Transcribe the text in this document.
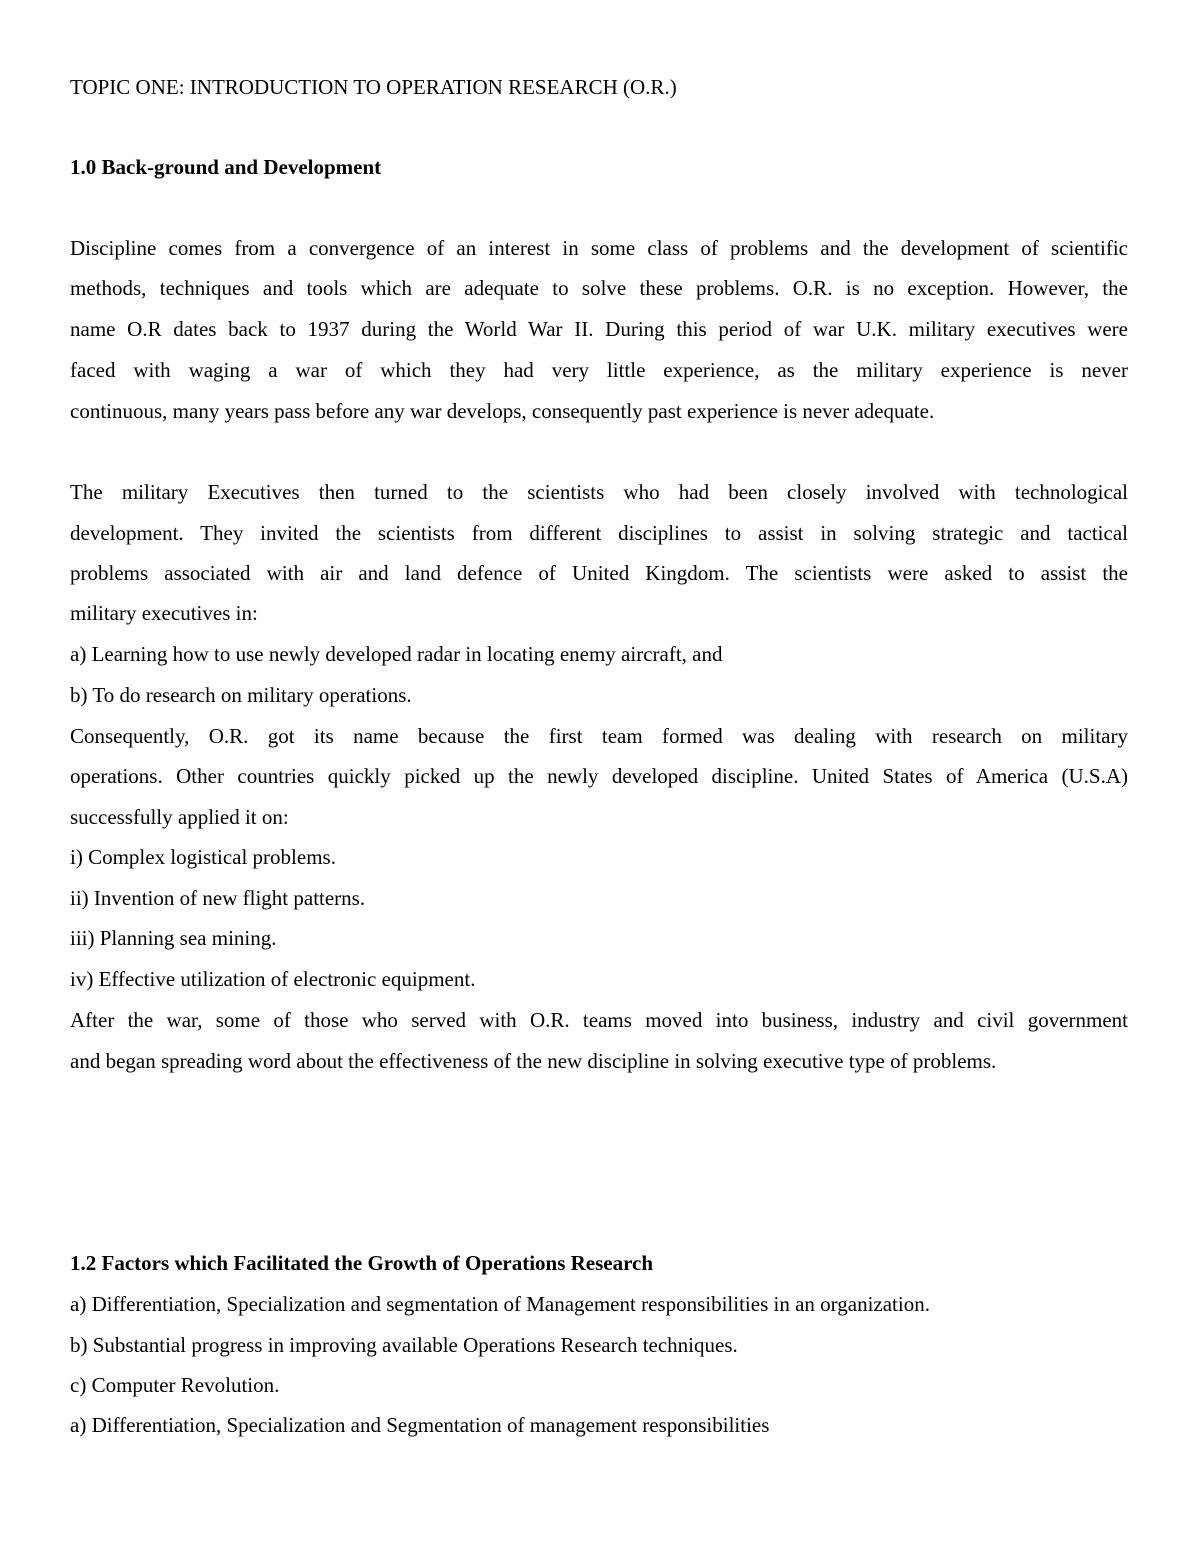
TOPIC ONE: INTRODUCTION TO OPERATION RESEARCH (O.R.)
1.0 Back-ground and Development
Discipline comes from a convergence of an interest in some class of problems and the development of scientific
methods, techniques and tools which are adequate to solve these problems. O.R. is no exception. However, the
name O.R dates back to 1937 during the World War II. During this period of war U.K. military executives were
faced with waging a war of which they had very little experience, as the military experience is never
continuous, many years pass before any war develops, consequently past experience is never adequate.
The military Executives then turned to the scientists who had been closely involved with technological
development. They invited the scientists from different disciplines to assist in solving strategic and tactical
problems associated with air and land defence of United Kingdom. The scientists were asked to assist the
military executives in:
a) Learning how to use newly developed radar in locating enemy aircraft, and
b) To do research on military operations.
Consequently, O.R. got its name because the first team formed was dealing with research on military
operations. Other countries quickly picked up the newly developed discipline. United States of America (U.S.A)
successfully applied it on:
i) Complex logistical problems.
ii) Invention of new flight patterns.
iii) Planning sea mining.
iv) Effective utilization of electronic equipment.
After the war, some of those who served with O.R. teams moved into business, industry and civil government
and began spreading word about the effectiveness of the new discipline in solving executive type of problems.
1.2 Factors which Facilitated the Growth of Operations Research
a) Differentiation, Specialization and segmentation of Management responsibilities in an organization.
b) Substantial progress in improving available Operations Research techniques.
c) Computer Revolution.
a) Differentiation, Specialization and Segmentation of management responsibilities
